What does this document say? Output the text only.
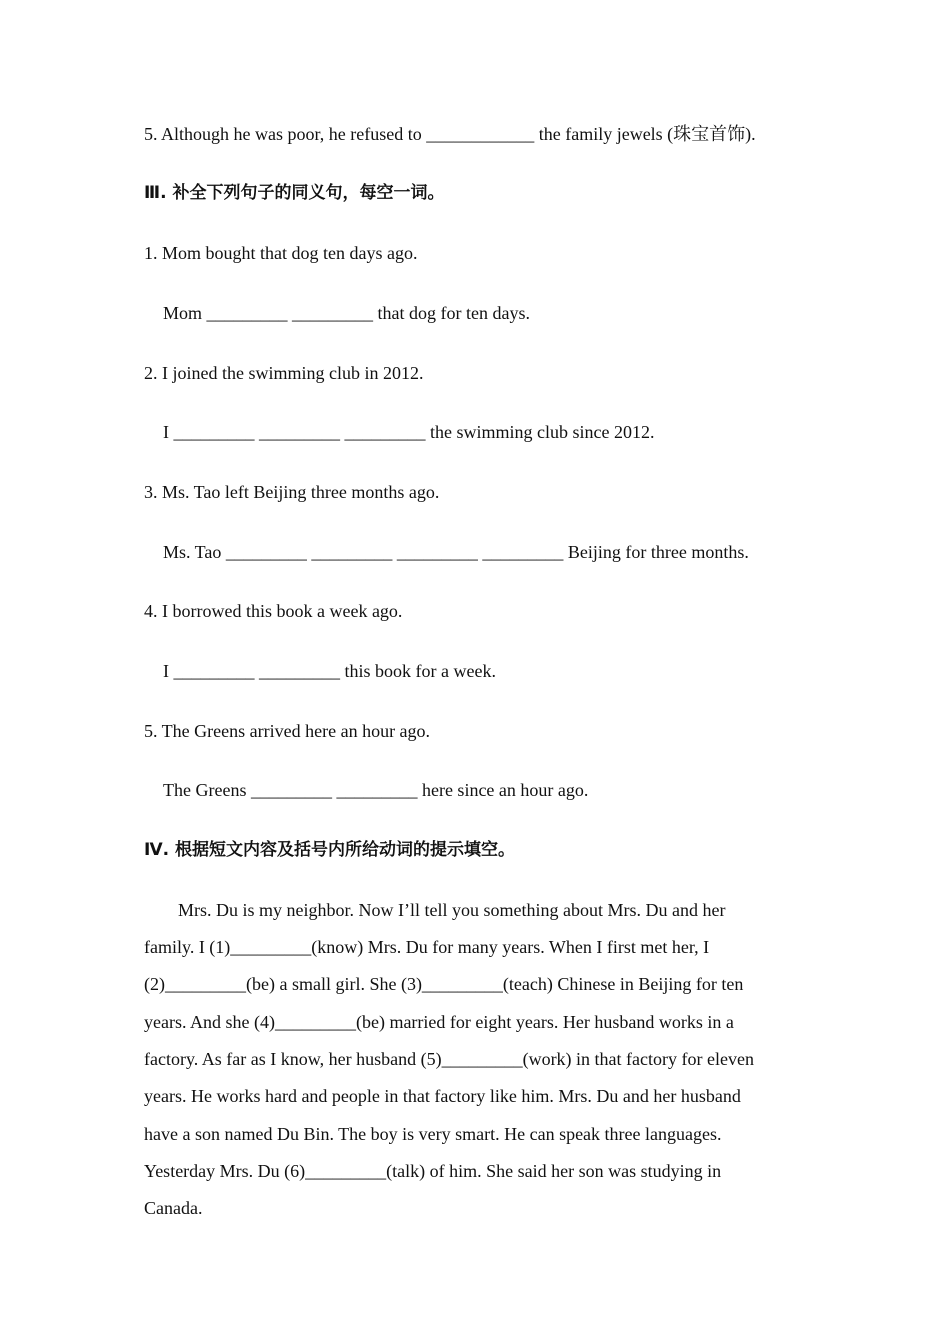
5. Although he was poor, he refused to ____________ the family jewels (珠宝首饰).
Ⅲ. 补全下列句子的同义句，每空一词。
1. Mom bought that dog ten days ago.
Mom _________ _________ that dog for ten days.
2. I joined the swimming club in 2012.
I _________ _________ _________ the swimming club since 2012.
3. Ms. Tao left Beijing three months ago.
Ms. Tao _________ _________ _________ _________ Beijing for three months.
4. I borrowed this book a week ago.
I _________ _________ this book for a week.
5. The Greens arrived here an hour ago.
The Greens _________ _________ here since an hour ago.
Ⅳ. 根据短文内容及括号内所给动词的提示填空。
Mrs. Du is my neighbor. Now I’ll tell you something about Mrs. Du and her
family. I (1)_________(know) Mrs. Du for many years. When I first met her, I
(2)_________(be) a small girl. She (3)_________(teach) Chinese in Beijing for ten
years. And she (4)_________(be) married for eight years. Her husband works in a
factory. As far as I know, her husband (5)_________(work) in that factory for eleven
years. He works hard and people in that factory like him. Mrs. Du and her husband
have a son named Du Bin. The boy is very smart. He can speak three languages.
Yesterday Mrs. Du (6)_________(talk) of him. She said her son was studying in
Canada.
